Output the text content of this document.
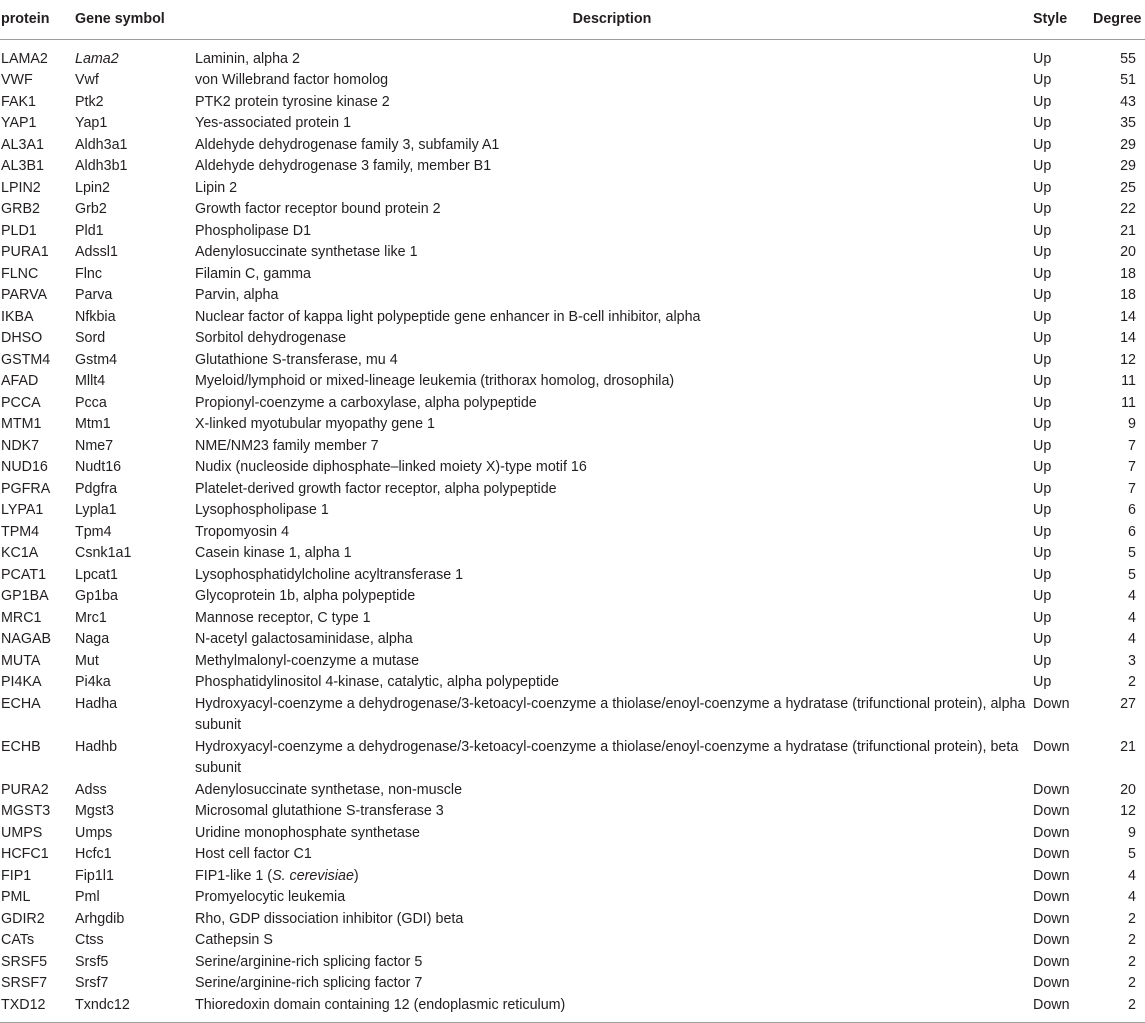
protein	Gene symbol	Description	Style	Degree
LAMA2	Lama2	Laminin, alpha 2	Up	55
VWF	Vwf	von Willebrand factor homolog	Up	51
FAK1	Ptk2	PTK2 protein tyrosine kinase 2	Up	43
YAP1	Yap1	Yes-associated protein 1	Up	35
AL3A1	Aldh3a1	Aldehyde dehydrogenase family 3, subfamily A1	Up	29
AL3B1	Aldh3b1	Aldehyde dehydrogenase 3 family, member B1	Up	29
LPIN2	Lpin2	Lipin 2	Up	25
GRB2	Grb2	Growth factor receptor bound protein 2	Up	22
PLD1	Pld1	Phospholipase D1	Up	21
PURA1	Adssl1	Adenylosuccinate synthetase like 1	Up	20
FLNC	Flnc	Filamin C, gamma	Up	18
PARVA	Parva	Parvin, alpha	Up	18
IKBA	Nfkbia	Nuclear factor of kappa light polypeptide gene enhancer in B-cell inhibitor, alpha	Up	14
DHSO	Sord	Sorbitol dehydrogenase	Up	14
GSTM4	Gstm4	Glutathione S-transferase, mu 4	Up	12
AFAD	Mllt4	Myeloid/lymphoid or mixed-lineage leukemia (trithorax homolog, drosophila)	Up	11
PCCA	Pcca	Propionyl-coenzyme a carboxylase, alpha polypeptide	Up	11
MTM1	Mtm1	X-linked myotubular myopathy gene 1	Up	9
NDK7	Nme7	NME/NM23 family member 7	Up	7
NUD16	Nudt16	Nudix (nucleoside diphosphate–linked moiety X)-type motif 16	Up	7
PGFRA	Pdgfra	Platelet-derived growth factor receptor, alpha polypeptide	Up	7
LYPA1	Lypla1	Lysophospholipase 1	Up	6
TPM4	Tpm4	Tropomyosin 4	Up	6
KC1A	Csnk1a1	Casein kinase 1, alpha 1	Up	5
PCAT1	Lpcat1	Lysophosphatidylcholine acyltransferase 1	Up	5
GP1BA	Gp1ba	Glycoprotein 1b, alpha polypeptide	Up	4
MRC1	Mrc1	Mannose receptor, C type 1	Up	4
NAGAB	Naga	N-acetyl galactosaminidase, alpha	Up	4
MUTA	Mut	Methylmalonyl-coenzyme a mutase	Up	3
PI4KA	Pi4ka	Phosphatidylinositol 4-kinase, catalytic, alpha polypeptide	Up	2
ECHA	Hadha	Hydroxyacyl-coenzyme a dehydrogenase/3-ketoacyl-coenzyme a thiolase/enoyl-coenzyme a hydratase (trifunctional protein), alpha subunit	Down	27
ECHB	Hadhb	Hydroxyacyl-coenzyme a dehydrogenase/3-ketoacyl-coenzyme a thiolase/enoyl-coenzyme a hydratase (trifunctional protein), beta subunit	Down	21
PURA2	Adss	Adenylosuccinate synthetase, non-muscle	Down	20
MGST3	Mgst3	Microsomal glutathione S-transferase 3	Down	12
UMPS	Umps	Uridine monophosphate synthetase	Down	9
HCFC1	Hcfc1	Host cell factor C1	Down	5
FIP1	Fip1l1	FIP1-like 1 (S. cerevisiae)	Down	4
PML	Pml	Promyelocytic leukemia	Down	4
GDIR2	Arhgdib	Rho, GDP dissociation inhibitor (GDI) beta	Down	2
CATs	Ctss	Cathepsin S	Down	2
SRSF5	Srsf5	Serine/arginine-rich splicing factor 5	Down	2
SRSF7	Srsf7	Serine/arginine-rich splicing factor 7	Down	2
TXD12	Txndc12	Thioredoxin domain containing 12 (endoplasmic reticulum)	Down	2
